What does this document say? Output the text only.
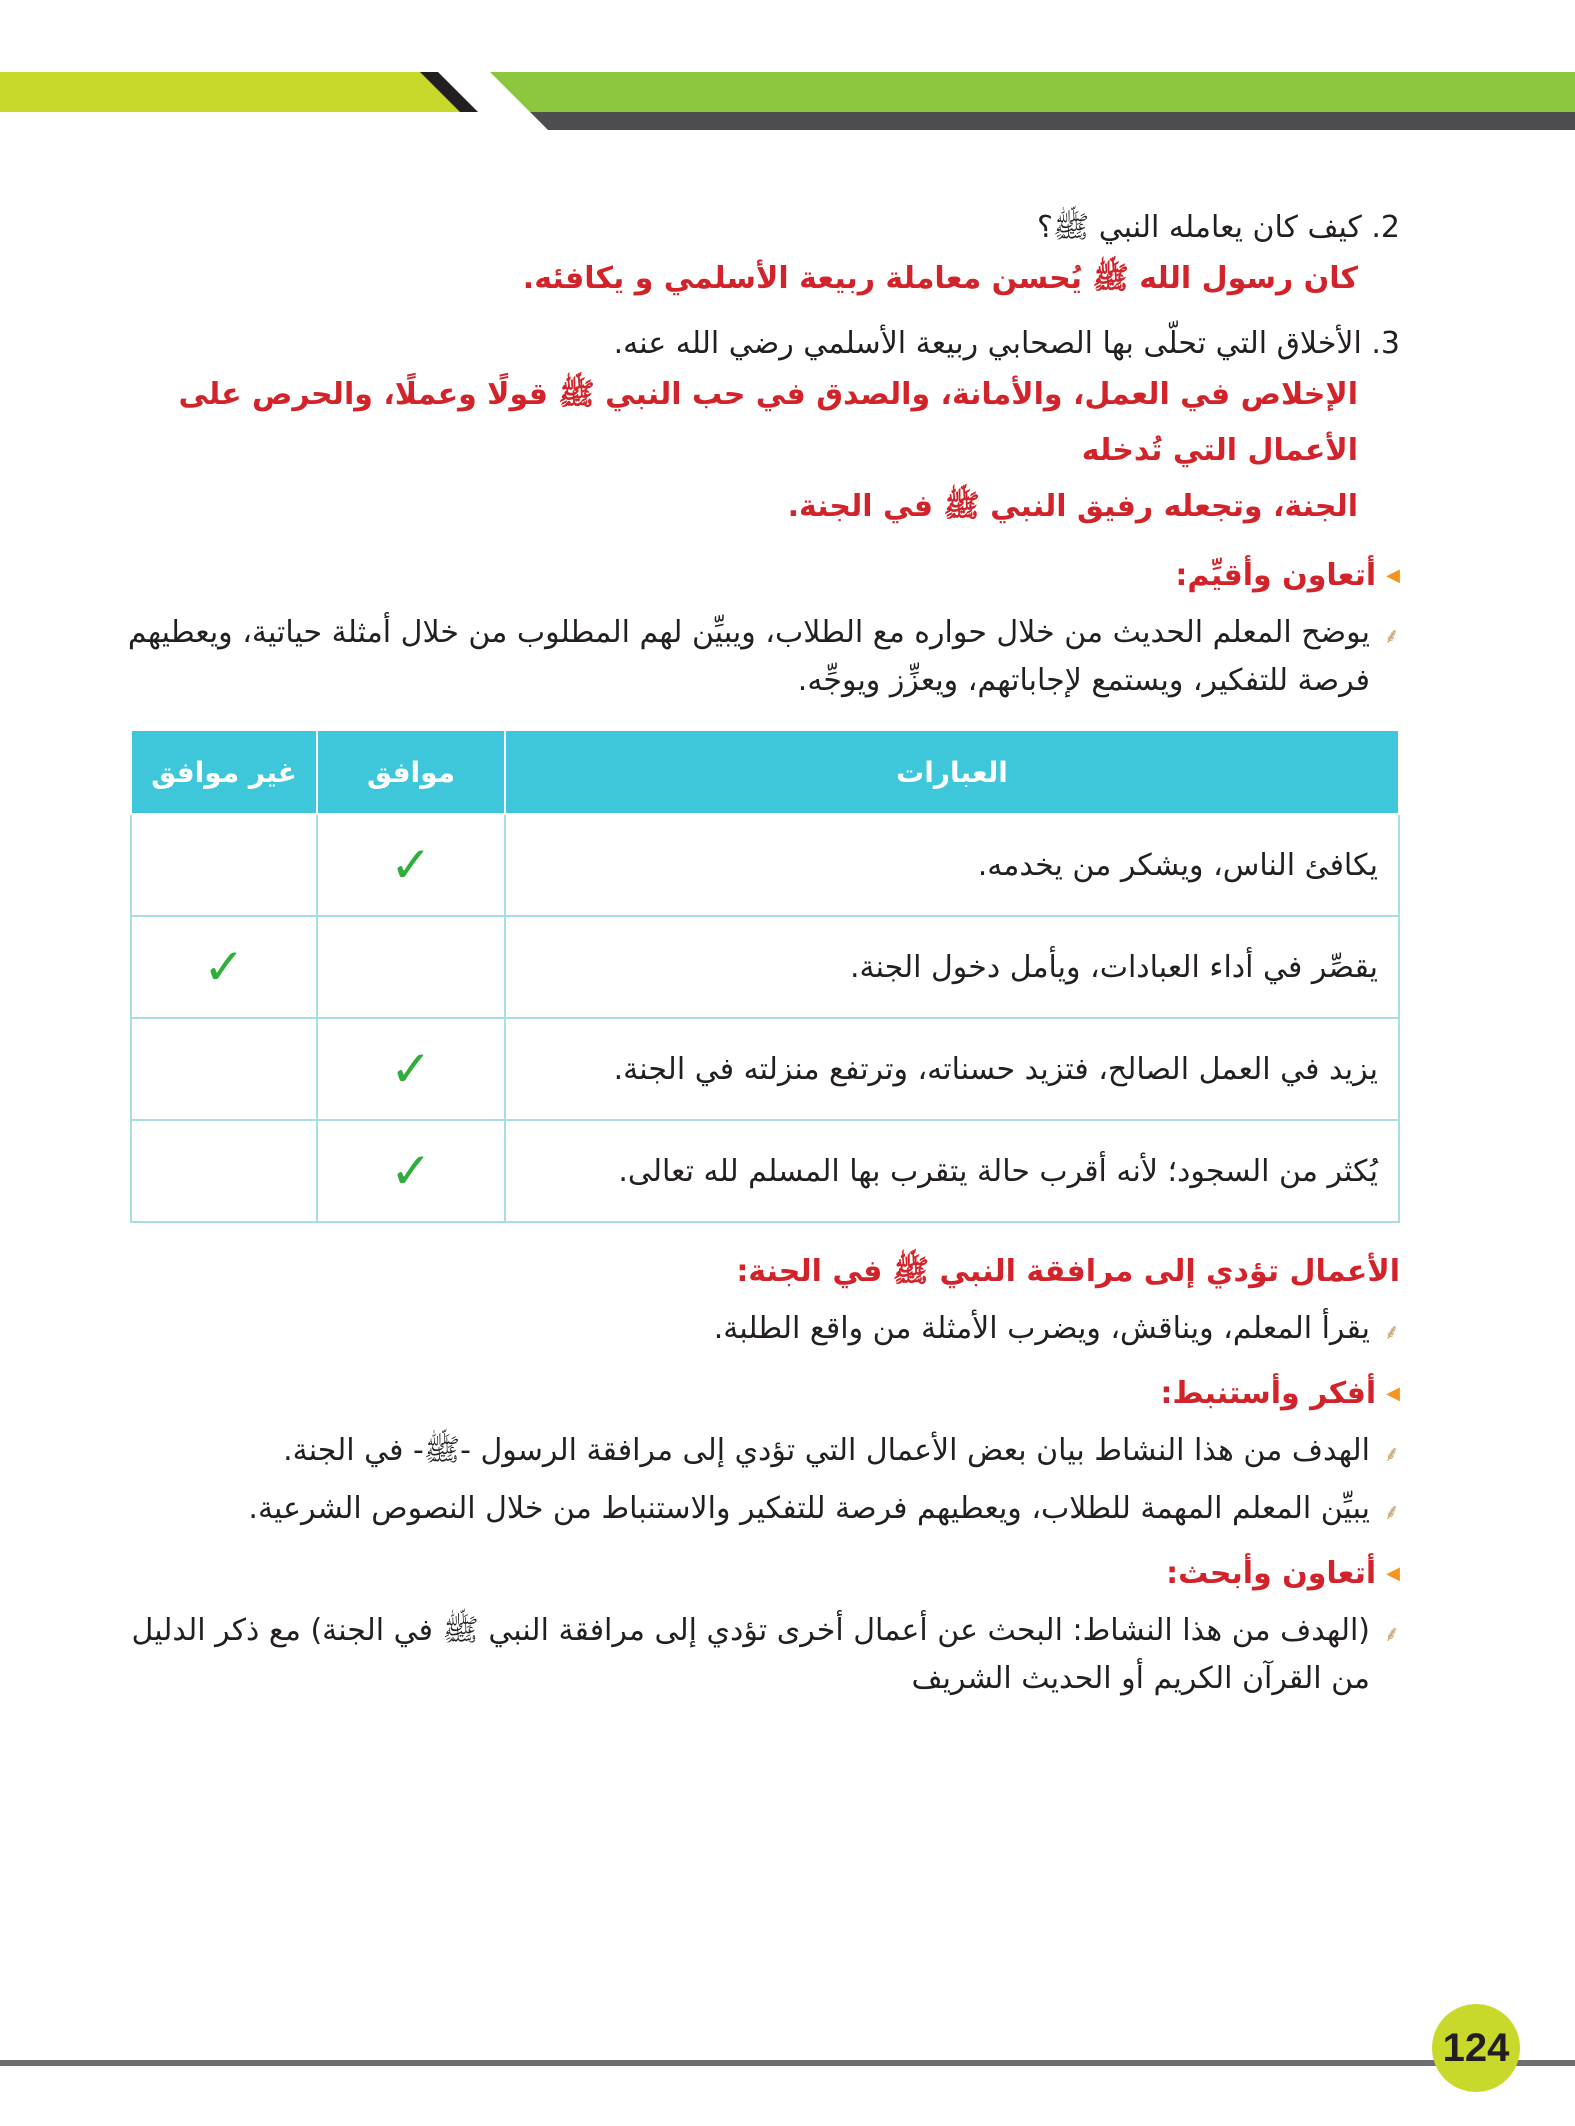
2. كيف كان يعامله النبي ﷺ؟

كان رسول الله ﷺ يُحسن معاملة ربيعة الأسلمي و يكافئه.

3. الأخلاق التي تحلّى بها الصحابي ربيعة الأسلمي رضي الله عنه.

الإخلاص في العمل، والأمانة، والصدق في حب النبي ﷺ قولًا وعملًا، والحرص على الأعمال التي تُدخله

الجنة، وتجعله رفيق النبي ﷺ في الجنة.

◀
أتعاون وأقيِّم:
⸙
يوضح المعلم الحديث من خلال حواره مع الطلاب، ويبيِّن لهم المطلوب من خلال أمثلة حياتية، ويعطيهم فرصة للتفكير، ويستمع لإجاباتهم، ويعزِّز ويوجِّه.
العبارات	موافق	غير موافق
يكافئ الناس، ويشكر من يخدمه.	✓	
يقصِّر في أداء العبادات، ويأمل دخول الجنة.		✓
يزيد في العمل الصالح، فتزيد حسناته، وترتفع منزلته في الجنة.	✓	
يُكثر من السجود؛ لأنه أقرب حالة يتقرب بها المسلم لله تعالى.	✓	
الأعمال تؤدي إلى مرافقة النبي ﷺ في الجنة:
⸙
يقرأ المعلم، ويناقش، ويضرب الأمثلة من واقع الطلبة.
◀
أفكر وأستنبط:
⸙
الهدف من هذا النشاط بيان بعض الأعمال التي تؤدي إلى مرافقة الرسول -ﷺ- في الجنة.
⸙
يبيِّن المعلم المهمة للطلاب، ويعطيهم فرصة للتفكير والاستنباط من خلال النصوص الشرعية.
◀
أتعاون وأبحث:
⸙
(الهدف من هذا النشاط: البحث عن أعمال أخرى تؤدي إلى مرافقة النبي ﷺ في الجنة) مع ذكر الدليل من القرآن الكريم أو الحديث الشريف
124
